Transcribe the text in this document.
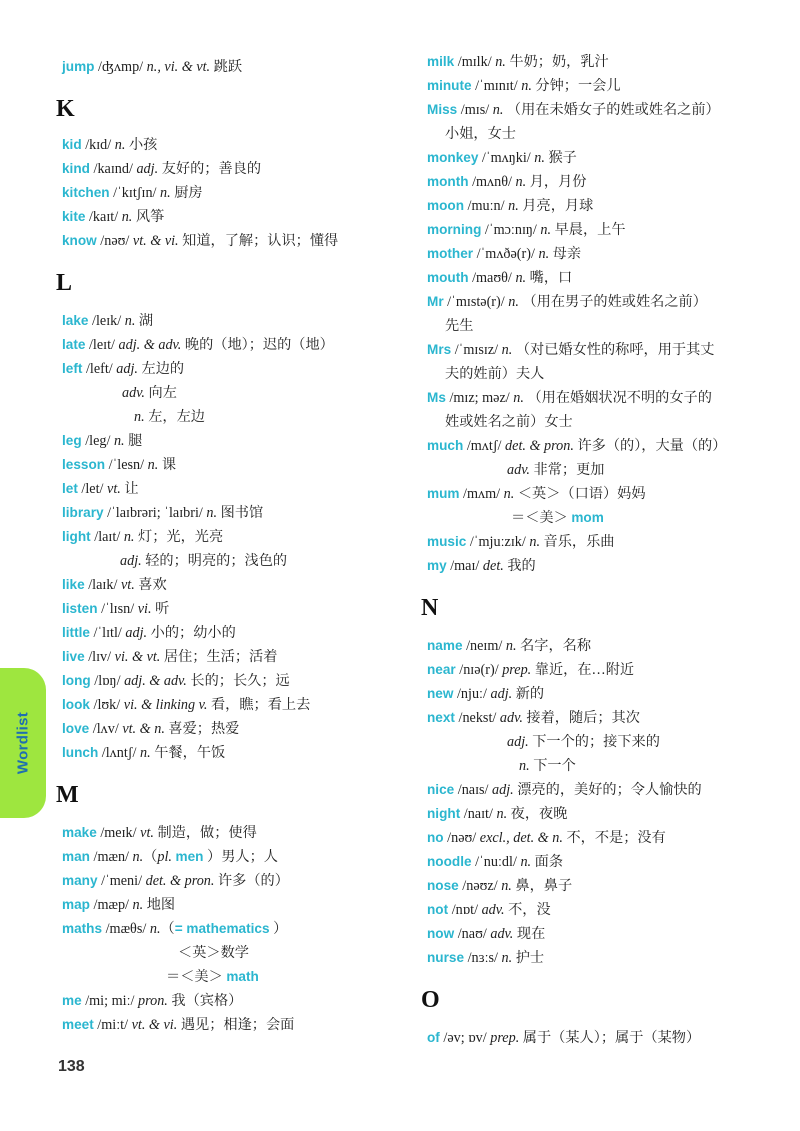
jump /ʤʌmp/ n., vi. & vt. 跳跃
K
kid /kɪd/ n. 小孩
kind /kaɪnd/ adj. 友好的；善良的
kitchen /ˈkɪtʃɪn/ n. 厨房
kite /kaɪt/ n. 风筝
know /nəʊ/ vt. & vi. 知道，了解；认识；懂得
L
lake /leɪk/ n. 湖
late /leɪt/ adj. & adv. 晚的（地）；迟的（地）
left /left/ adj. 左边的
adv. 向左
n. 左，左边
leg /leg/ n. 腿
lesson /ˈlesn/ n. 课
let /let/ vt. 让
library /ˈlaɪbrəri; ˈlaɪbri/ n. 图书馆
light /laɪt/ n. 灯；光，光亮
adj. 轻的；明亮的；浅色的
like /laɪk/ vt. 喜欢
listen /ˈlɪsn/ vi. 听
little /ˈlɪtl/ adj. 小的；幼小的
live /lɪv/ vi. & vt. 居住；生活；活着
long /lɒŋ/ adj. & adv. 长的；长久；远
look /lʊk/ vi. & linking v. 看，瞧；看上去
love /lʌv/ vt. & n. 喜爱；热爱
lunch /lʌntʃ/ n. 午餐，午饭
M
make /meɪk/ vt. 制造，做；使得
man /mæn/ n.（pl. men ）男人；人
many /ˈmeni/ det. & pron. 许多（的）
map /mæp/ n. 地图
maths /mæθs/ n.（= mathematics ）
＜英＞数学
＝＜美＞ math
me /mi; miː/ pron. 我（宾格）
meet /miːt/ vt. & vi. 遇见；相逢；会面
milk /mɪlk/ n. 牛奶；奶，乳汁
minute /ˈmɪnɪt/ n. 分钟；一会儿
Miss /mɪs/ n. （用在未婚女子的姓或姓名之前）
小姐，女士
monkey /ˈmʌŋki/ n. 猴子
month /mʌnθ/ n. 月，月份
moon /muːn/ n. 月亮，月球
morning /ˈmɔːnɪŋ/ n. 早晨，上午
mother /ˈmʌðə(r)/ n. 母亲
mouth /maʊθ/ n. 嘴，口
Mr /ˈmɪstə(r)/ n. （用在男子的姓或姓名之前）
先生
Mrs /ˈmɪsɪz/ n. （对已婚女性的称呼，用于其丈
夫的姓前）夫人
Ms /mɪz; məz/ n. （用在婚姻状况不明的女子的
姓或姓名之前）女士
much /mʌtʃ/ det. & pron. 许多（的），大量（的）
adv. 非常；更加
mum /mʌm/ n. ＜英＞（口语）妈妈
＝＜美＞ mom
music /ˈmjuːzɪk/ n. 音乐，乐曲
my /maɪ/ det. 我的
N
name /neɪm/ n. 名字，名称
near /nɪə(r)/ prep. 靠近，在…附近
new /njuː/ adj. 新的
next /nekst/ adv. 接着，随后；其次
adj. 下一个的；接下来的
n. 下一个
nice /naɪs/ adj. 漂亮的，美好的；令人愉快的
night /naɪt/ n. 夜，夜晚
no /nəʊ/ excl., det. & n. 不，不是；没有
noodle /ˈnuːdl/ n. 面条
nose /nəʊz/ n. 鼻，鼻子
not /nɒt/ adv. 不，没
now /naʊ/ adv. 现在
nurse /nɜːs/ n. 护士
O
of /əv; ɒv/ prep. 属于（某人）；属于（某物）
Wordlist
138
